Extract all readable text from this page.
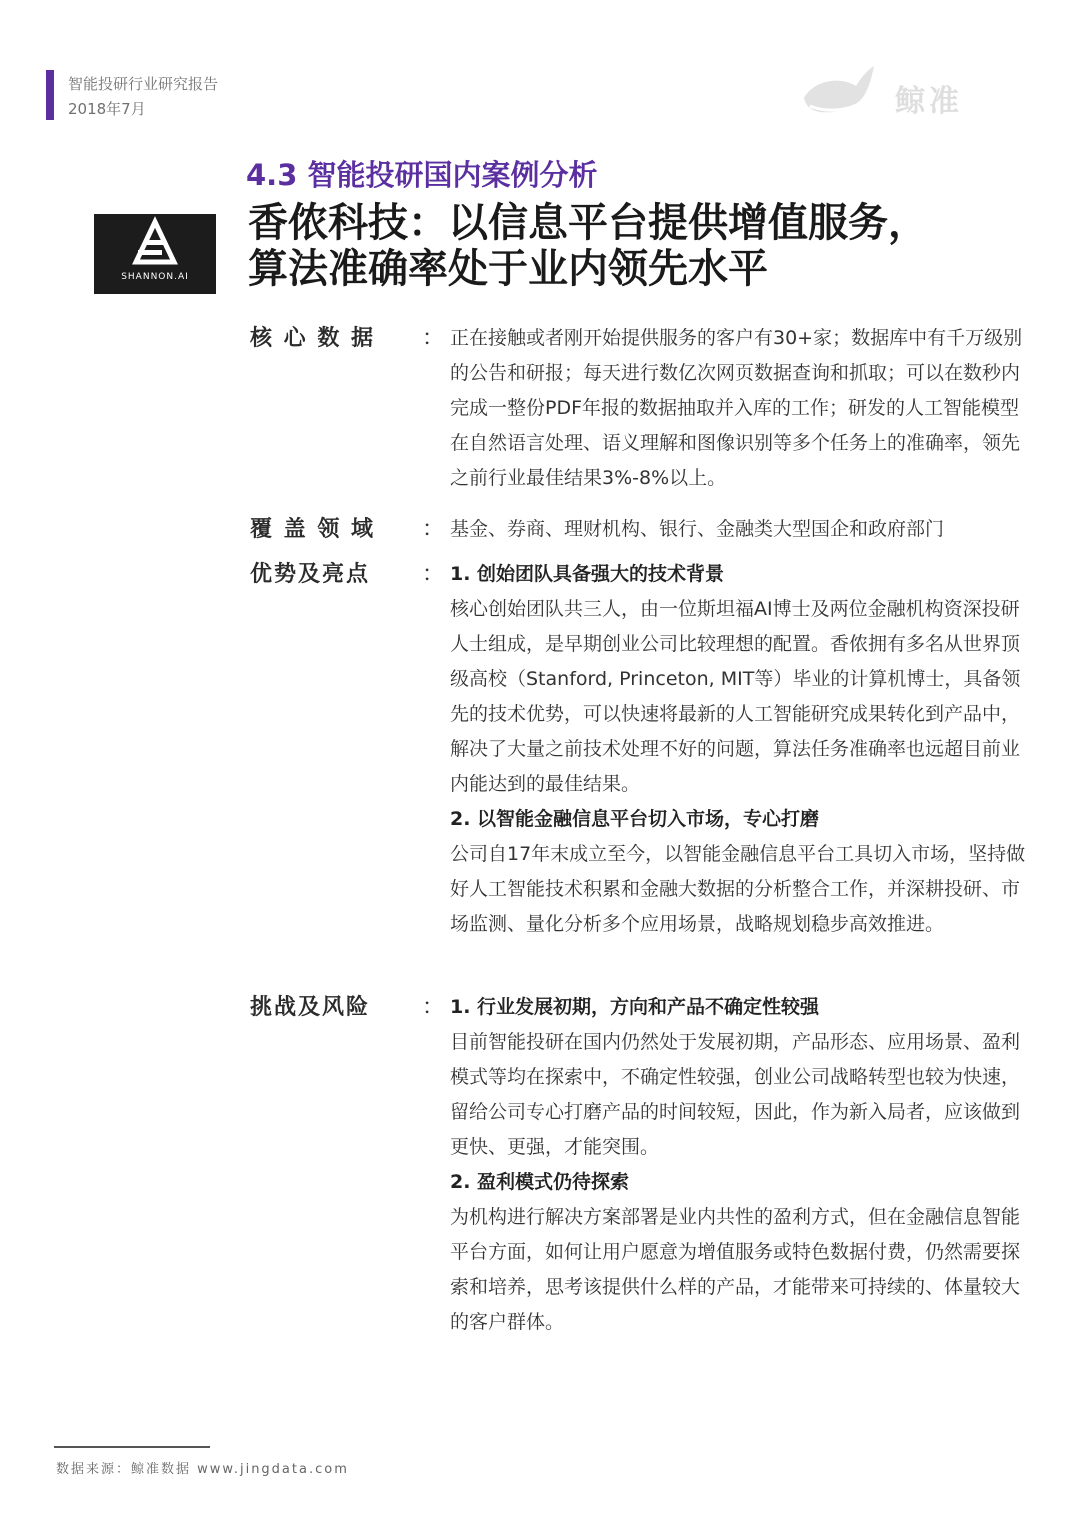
智能投研行业研究报告
2018年7月	鲸准
4.3 智能投研国内案例分析
SHANNON.AI
香侬科技：以信息平台提供增值服务，
算法准确率处于业内领先水平
核 心 数 据	： 正在接触或者刚开始提供服务的客户有30+家；数据库中有千万级别的公告和研报；每天进行数亿次网页数据查询和抓取；可以在数秒内完成一整份PDF年报的数据抽取并入库的工作；研发的人工智能模型在自然语言处理、语义理解和图像识别等多个任务上的准确率，领先之前行业最佳结果3%-8%以上。
覆 盖 领 域	： 基金、券商、理财机构、银行、金融类大型国企和政府部门
优势及亮点	： 1. 创始团队具备强大的技术背景

核心创始团队共三人，由一位斯坦福AI博士及两位金融机构资深投研人士组成，是早期创业公司比较理想的配置。香侬拥有多名从世界顶级高校（Stanford, Princeton, MIT等）毕业的计算机博士，具备领先的技术优势，可以快速将最新的人工智能研究成果转化到产品中，解决了大量之前技术处理不好的问题，算法任务准确率也远超目前业内能达到的最佳结果。

2. 以智能金融信息平台切入市场，专心打磨

公司自17年末成立至今，以智能金融信息平台工具切入市场，坚持做好人工智能技术积累和金融大数据的分析整合工作，并深耕投研、市场监测、量化分析多个应用场景，战略规划稳步高效推进。

挑战及风险	： 1. 行业发展初期，方向和产品不确定性较强

目前智能投研在国内仍然处于发展初期，产品形态、应用场景、盈利模式等均在探索中，不确定性较强，创业公司战略转型也较为快速，留给公司专心打磨产品的时间较短，因此，作为新入局者，应该做到更快、更强，才能突围。

2. 盈利模式仍待探索

为机构进行解决方案部署是业内共性的盈利方式，但在金融信息智能平台方面，如何让用户愿意为增值服务或特色数据付费，仍然需要探索和培养，思考该提供什么样的产品，才能带来可持续的、体量较大的客户群体。

数据来源：鲸准数据 www.jingdata.com
